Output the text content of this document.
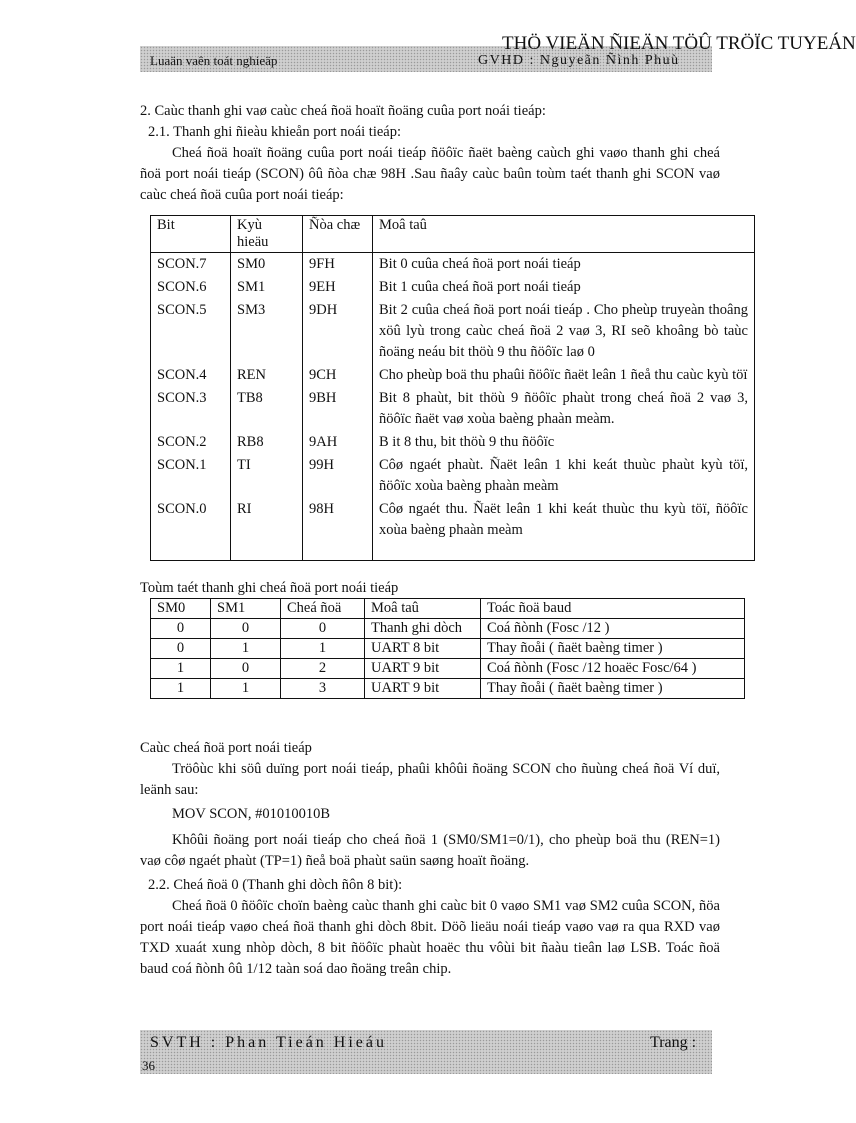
THÖ VIEÄN ÑIEÄN TÖÛ TRÖÏC TUYEÁN
Luaän vaên toát nghieäp	GVHD : Nguyeãn Ñình Phuù
2. Caùc thanh ghi vaø caùc cheá ñoä hoaït ñoäng cuûa port noái tieáp:
2.1. Thanh ghi ñieàu khieån port noái tieáp:
Cheá ñoä hoaït ñoäng cuûa port noái tieáp ñöôïc ñaët baèng caùch ghi vaøo thanh ghi cheá ñoä port noái tieáp (SCON) ôû ñòa chæ 98H .Sau ñaây caùc baûn toùm taét thanh ghi SCON vaø caùc cheá ñoä cuûa port noái tieáp:
Bit	Kyù hieäu	Ñòa chæ	Moâ taû
SCON.7	SM0	9FH	Bit 0 cuûa cheá ñoä port noái tieáp
SCON.6	SM1	9EH	Bit 1 cuûa cheá ñoä port noái tieáp
SCON.5	SM3	9DH	Bit 2 cuûa cheá ñoä port noái tieáp . Cho pheùp truyeàn thoâng xöû lyù trong caùc cheá ñoä 2 vaø 3, RI seõ khoâng bò taùc ñoäng neáu bit thöù 9 thu ñöôïc laø 0
SCON.4	REN	9CH	Cho pheùp boä thu phaûi ñöôïc ñaët leân 1 ñeå thu caùc kyù töï
SCON.3	TB8	9BH	Bit 8 phaùt, bit thöù 9 ñöôïc phaùt trong cheá ñoä 2 vaø 3, ñöôïc ñaët vaø xoùa baèng phaàn meàm.
SCON.2	RB8	9AH	B it 8 thu, bit thöù 9 thu ñöôïc
SCON.1	TI	99H	Côø ngaét phaùt. Ñaët leân 1 khi keát thuùc phaùt kyù töï, ñöôïc xoùa baèng phaàn meàm
SCON.0	RI	98H	Côø ngaét thu. Ñaët leân 1 khi keát thuùc thu kyù töï, ñöôïc xoùa baèng phaàn meàm

Toùm taét thanh ghi cheá ñoä port noái tieáp
SM0	SM1	Cheá ñoä	Moâ taû	Toác ñoä baud
0	0	0	Thanh ghi dòch	Coá ñònh (Fosc /12 )
0	1	1	UART 8 bit	Thay ñoåi ( ñaët baèng timer )
1	0	2	UART 9 bit	Coá ñònh (Fosc /12 hoaëc Fosc/64 )
1	1	3	UART 9 bit	Thay ñoåi ( ñaët baèng timer )
Caùc cheá ñoä port noái tieáp
Tröôùc khi söû duïng port noái tieáp, phaûi khôûi ñoäng SCON cho ñuùng cheá ñoä Ví duï, leänh sau:
MOV SCON, #01010010B
Khôûi ñoäng port noái tieáp cho cheá ñoä 1 (SM0/SM1=0/1), cho pheùp boä thu (REN=1) vaø côø ngaét phaùt (TP=1) ñeå boä phaùt saün saøng hoaït ñoäng.
2.2. Cheá ñoä 0 (Thanh ghi dòch ñôn 8 bit):
Cheá ñoä 0 ñöôïc choïn baèng caùc thanh ghi caùc bit 0 vaøo SM1 vaø SM2 cuûa SCON, ñöa port noái tieáp vaøo cheá ñoä thanh ghi dòch 8bit. Döõ lieäu noái tieáp vaøo vaø ra qua RXD vaø TXD xuaát xung nhòp dòch, 8 bit ñöôïc phaùt hoaëc thu vôùi bit ñaàu tieân laø LSB. Toác ñoä baud coá ñònh ôû 1/12 taàn soá dao ñoäng treân chip.
SVTH : Phan Tieán Hieáu	Trang :
36
